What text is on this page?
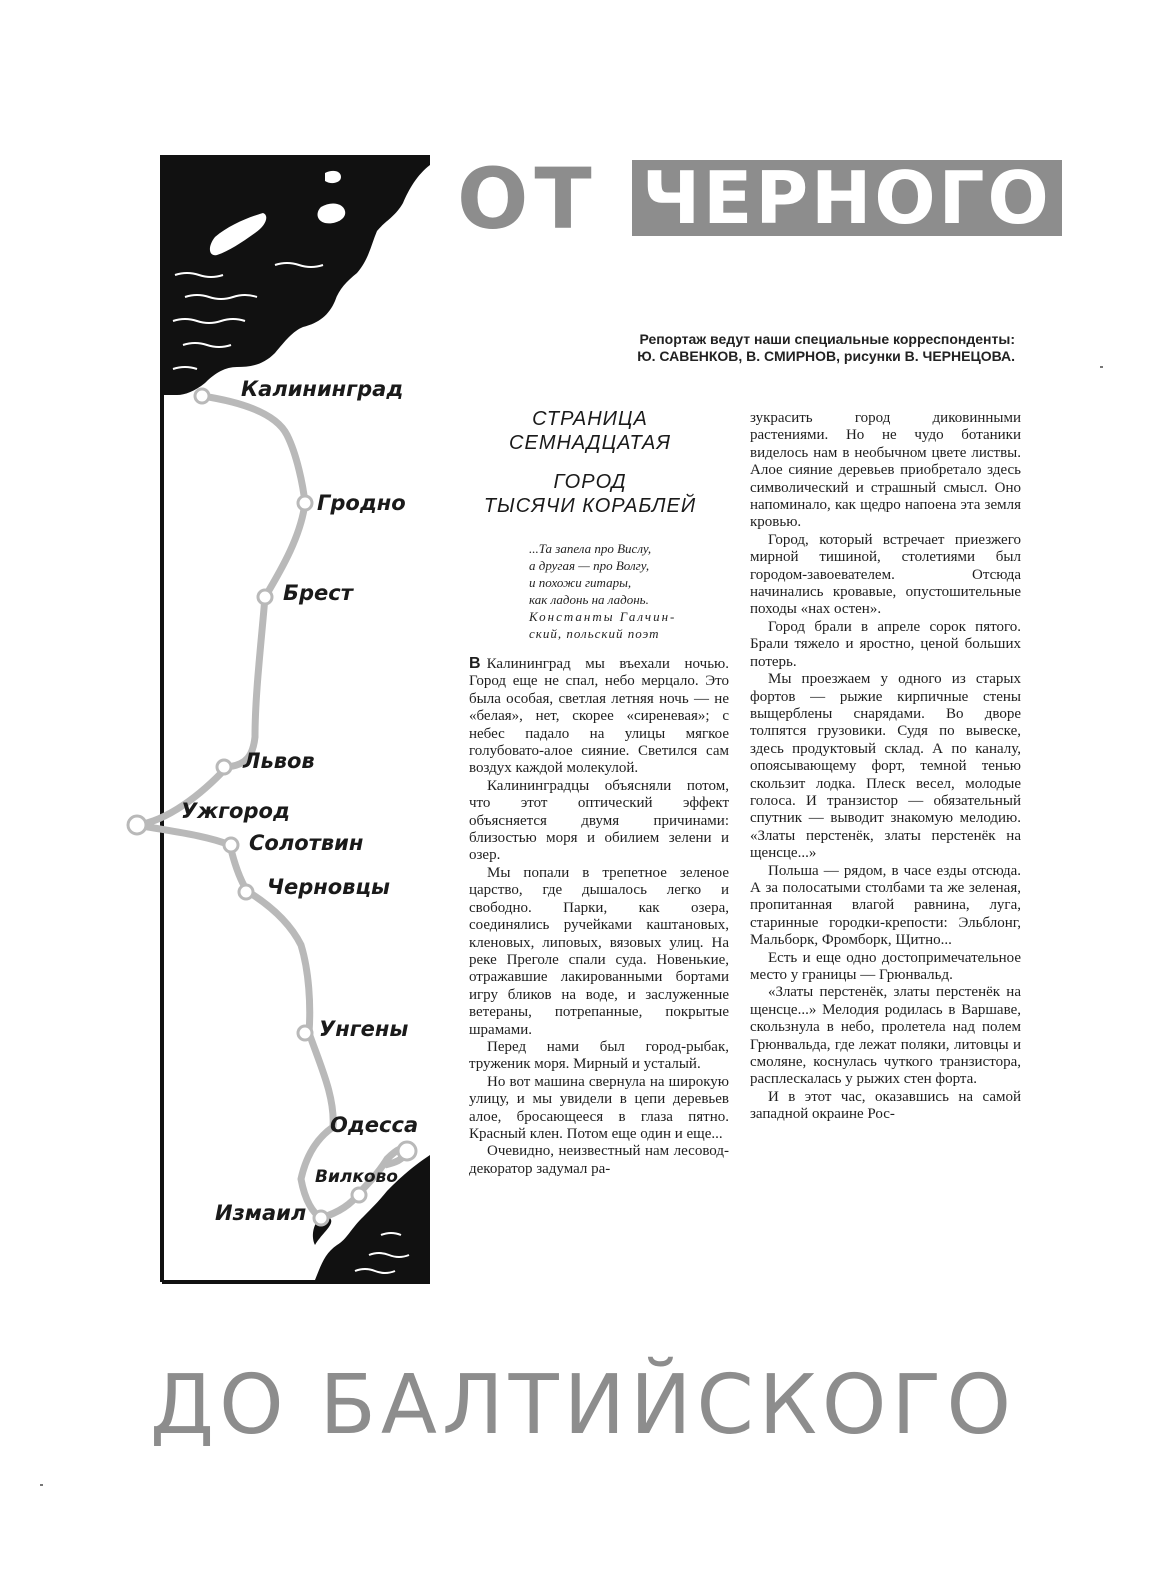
ОТ ЧЕРНОГО
ДО БАЛТИЙСКОГО
Репортаж ведут наши специальные корреспонденты:
Ю. САВЕНКОВ, В. СМИРНОВ, рисунки В. ЧЕРНЕЦОВА.
Калининград
Гродно
Брест
Львов
Ужгород
Солотвин
Черновцы
Унгены
Одесса
Вилково
Измаил
СТРАНИЦА
СЕМНАДЦАТАЯ
ГОРОД
ТЫСЯЧИ КОРАБЛЕЙ
...Та запела про Вислу,
а другая — про Волгу,
и похожи гитары,
как ладонь на ладонь.
Константы Галчин-
ский, польский поэт

В Калининград мы въехали ночью. Город еще не спал, небо мерцало. Это была особая, светлая летняя ночь — не «белая», нет, скорее «сиреневая»; с небес падало на улицы мягкое голубовато-алое сияние. Светился сам воздух каждой молекулой.

Калининградцы объясняли потом, что этот оптический эффект объясняется двумя причинами: близостью моря и обилием зелени и озер.

Мы попали в трепетное зеленое царство, где дышалось легко и свободно. Парки, как озера, соединялись ручейками каштановых, кленовых, липовых, вязовых улиц. На реке Преголе спали суда. Новенькие, отражавшие лакированными бортами игру бликов на воде, и заслуженные ветераны, потрепанные, покрытые шрамами.

Перед нами был город-рыбак, труженик моря. Мирный и усталый.

Но вот машина свернула на широкую улицу, и мы увидели в цепи деревьев алое, бросающееся в глаза пятно. Красный клен. Потом еще один и еще...

Очевидно, неизвестный нам лесовод-декоратор задумал ра-

зукрасить город диковинными растениями. Но не чудо ботаники виделось нам в необычном цвете листвы. Алое сияние деревьев приобретало здесь символический и страшный смысл. Оно напоминало, как щедро напоена эта земля кровью.

Город, который встречает приезжего мирной тишиной, столетиями был городом-завоевателем. Отсюда начинались кровавые, опустошительные походы «нах остен».

Город брали в апреле сорок пятого. Брали тяжело и яростно, ценой больших потерь.

Мы проезжаем у одного из старых фортов — рыжие кирпичные стены выщерблены снарядами. Во дворе толпятся грузовики. Судя по вывеске, здесь продуктовый склад. А по каналу, опоясывающему форт, темной тенью скользит лодка. Плеск весел, молодые голоса. И транзистор — обязательный спутник — выводит знакомую мелодию. «Златы перстенёк, златы перстенёк на щенсце...»

Польша — рядом, в часе езды отсюда. А за полосатыми столбами та же зеленая, пропитанная влагой равнина, луга, старинные городки-крепости: Эльблонг, Мальборк, Фромборк, Щитно...

Есть и еще одно достопримечательное место у границы — Грюнвальд.

«Златы перстенёк, златы перстенёк на щенсце...» Мелодия родилась в Варшаве, скользнула в небо, пролетела над полем Грюнвальда, где лежат поляки, литовцы и смоляне, коснулась чуткого транзистора, расплескалась у рыжих стен форта.

И в этот час, оказавшись на самой западной окраине Рос-
